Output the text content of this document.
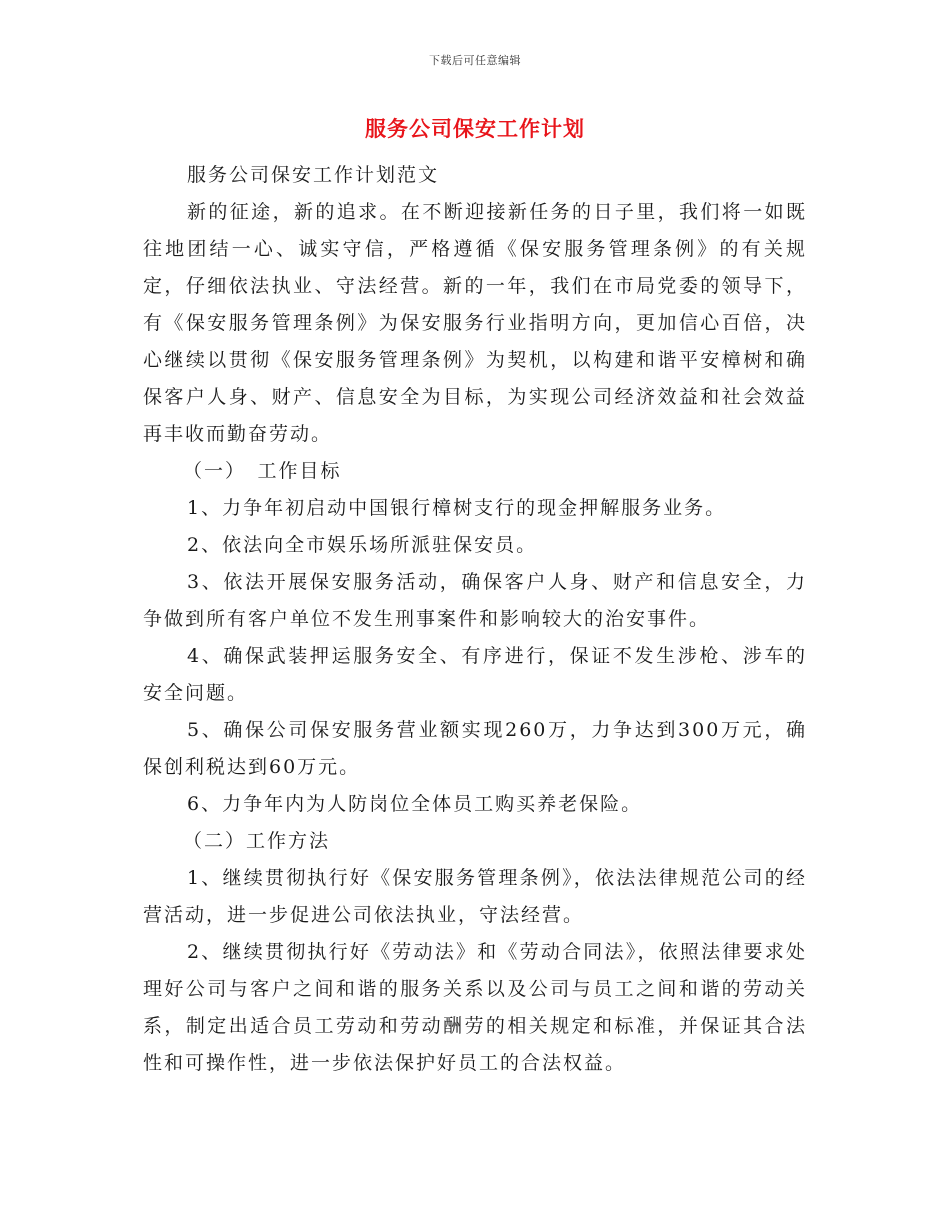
下载后可任意编辑
服务公司保安工作计划

服务公司保安工作计划范文

新的征途，新的追求。在不断迎接新任务的日子里，我们将一如既往地团结一心、诚实守信，严格遵循《保安服务管理条例》的有关规定，仔细依法执业、守法经营。新的一年，我们在市局党委的领导下，有《保安服务管理条例》为保安服务行业指明方向，更加信心百倍，决心继续以贯彻《保安服务管理条例》为契机，以构建和谐平安樟树和确保客户人身、财产、信息安全为目标，为实现公司经济效益和社会效益再丰收而勤奋劳动。

（一）　工作目标

1、力争年初启动中国银行樟树支行的现金押解服务业务。

2、依法向全市娱乐场所派驻保安员。

3、依法开展保安服务活动，确保客户人身、财产和信息安全，力争做到所有客户单位不发生刑事案件和影响较大的治安事件。

4、确保武装押运服务安全、有序进行，保证不发生涉枪、涉车的安全问题。

5、确保公司保安服务营业额实现260万，力争达到300万元，确保创利税达到60万元。

6、力争年内为人防岗位全体员工购买养老保险。

（二）工作方法

1、继续贯彻执行好《保安服务管理条例》，依法法律规范公司的经营活动，进一步促进公司依法执业，守法经营。

2、继续贯彻执行好《劳动法》和《劳动合同法》，依照法律要求处理好公司与客户之间和谐的服务关系以及公司与员工之间和谐的劳动关系，制定出适合员工劳动和劳动酬劳的相关规定和标准，并保证其合法性和可操作性，进一步依法保护好员工的合法权益。
